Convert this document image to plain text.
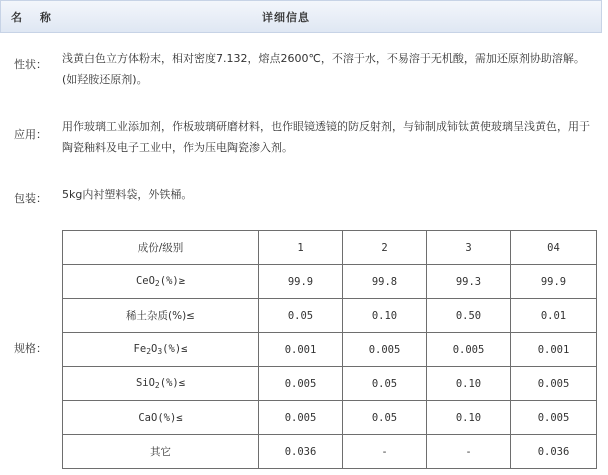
名 称	详细信息
性状： 浅黄白色立方体粉末，相对密度7.132，熔点2600℃，不溶于水，不易溶于无机酸，需加还原剂协助溶解。(如羟胺还原剂)。
应用：
用作玻璃工业添加剂，作板玻璃研磨材料，也作眼镜透镜的防反射剂，与铈制成铈钛黄使玻璃呈浅黄色，用于陶瓷釉料及电子工业中，作为压电陶瓷渗入剂。
包装： 5kg内衬塑料袋，外铁桶。
规格：
成份/级别	1	2	3	04
CeO$_2$(%)≥	99.9	99.8	99.3	99.9
稀土杂质(%)≤	0.05	0.10	0.50	0.01
$Fe_2O_3(\%)\le$	0.001	0.005	0.005	0.001
SiO$_2$(%)≤	0.005	0.05	0.10	0.005
CaO(%)≤	0.005	0.05	0.10	0.005
其它	0.036	-	-	0.036
